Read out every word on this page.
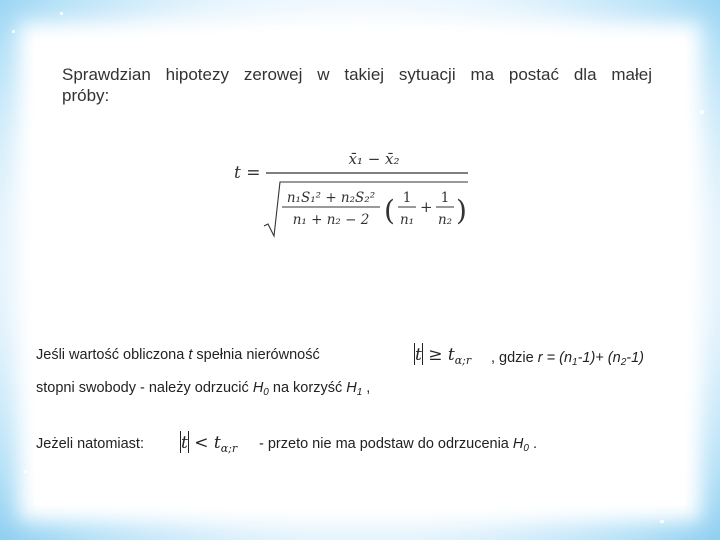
Sprawdzian hipotezy zerowej w takiej sytuacji ma postać dla małej próby:
t =
x̄₁ − x̄₂
n₁S₁² + n₂S₂²
n₁ + n₂ − 2 ( 1
n₁
+ 1
n₂ )
Jeśli wartość obliczona t spełnia nierówność	$t \ge t_{\alpha;r}$ , gdzie $r = (n_1-1)+ (n_2-1)$
stopni swobody - należy odrzucić $H_0$ na korzyść $H_1$ ,
Jeżeli natomiast: $t < t_{\alpha;r}$ - przeto nie ma podstaw do odrzucenia $H_0$ .
